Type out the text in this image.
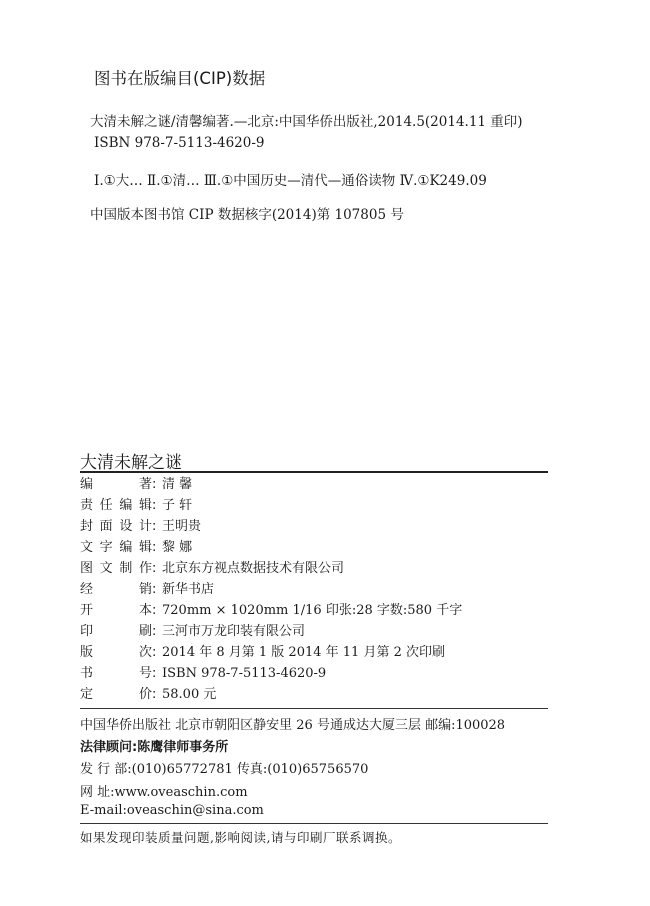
图书在版编目(CIP)数据
大清未解之谜/清馨编著.—北京:中国华侨出版社,2014.5(2014.11 重印)
ISBN 978-7-5113-4620-9
Ⅰ.①大… Ⅱ.①清… Ⅲ.①中国历史—清代—通俗读物 Ⅳ.①K249.09
中国版本图书馆 CIP 数据核字(2014)第 107805 号
大清未解之谜
编著: 清 馨
责任编辑: 子 轩
封面设计: 王明贵
文字编辑: 黎 娜
图文制作: 北京东方视点数据技术有限公司
经销: 新华书店
开本: 720mm × 1020mm 1/16 印张:28 字数:580 千字
印刷: 三河市万龙印装有限公司
版次: 2014 年 8 月第 1 版 2014 年 11 月第 2 次印刷
书号: ISBN 978-7-5113-4620-9
定价: 58.00 元
中国华侨出版社 北京市朝阳区静安里 26 号通成达大厦三层 邮编:100028
法律顾问:陈鹰律师事务所
发 行 部:(010)65772781 传真:(010)65756570
网 址:www.oveaschin.com
E-mail:oveaschin@sina.com
如果发现印装质量问题,影响阅读,请与印刷厂联系调换。
